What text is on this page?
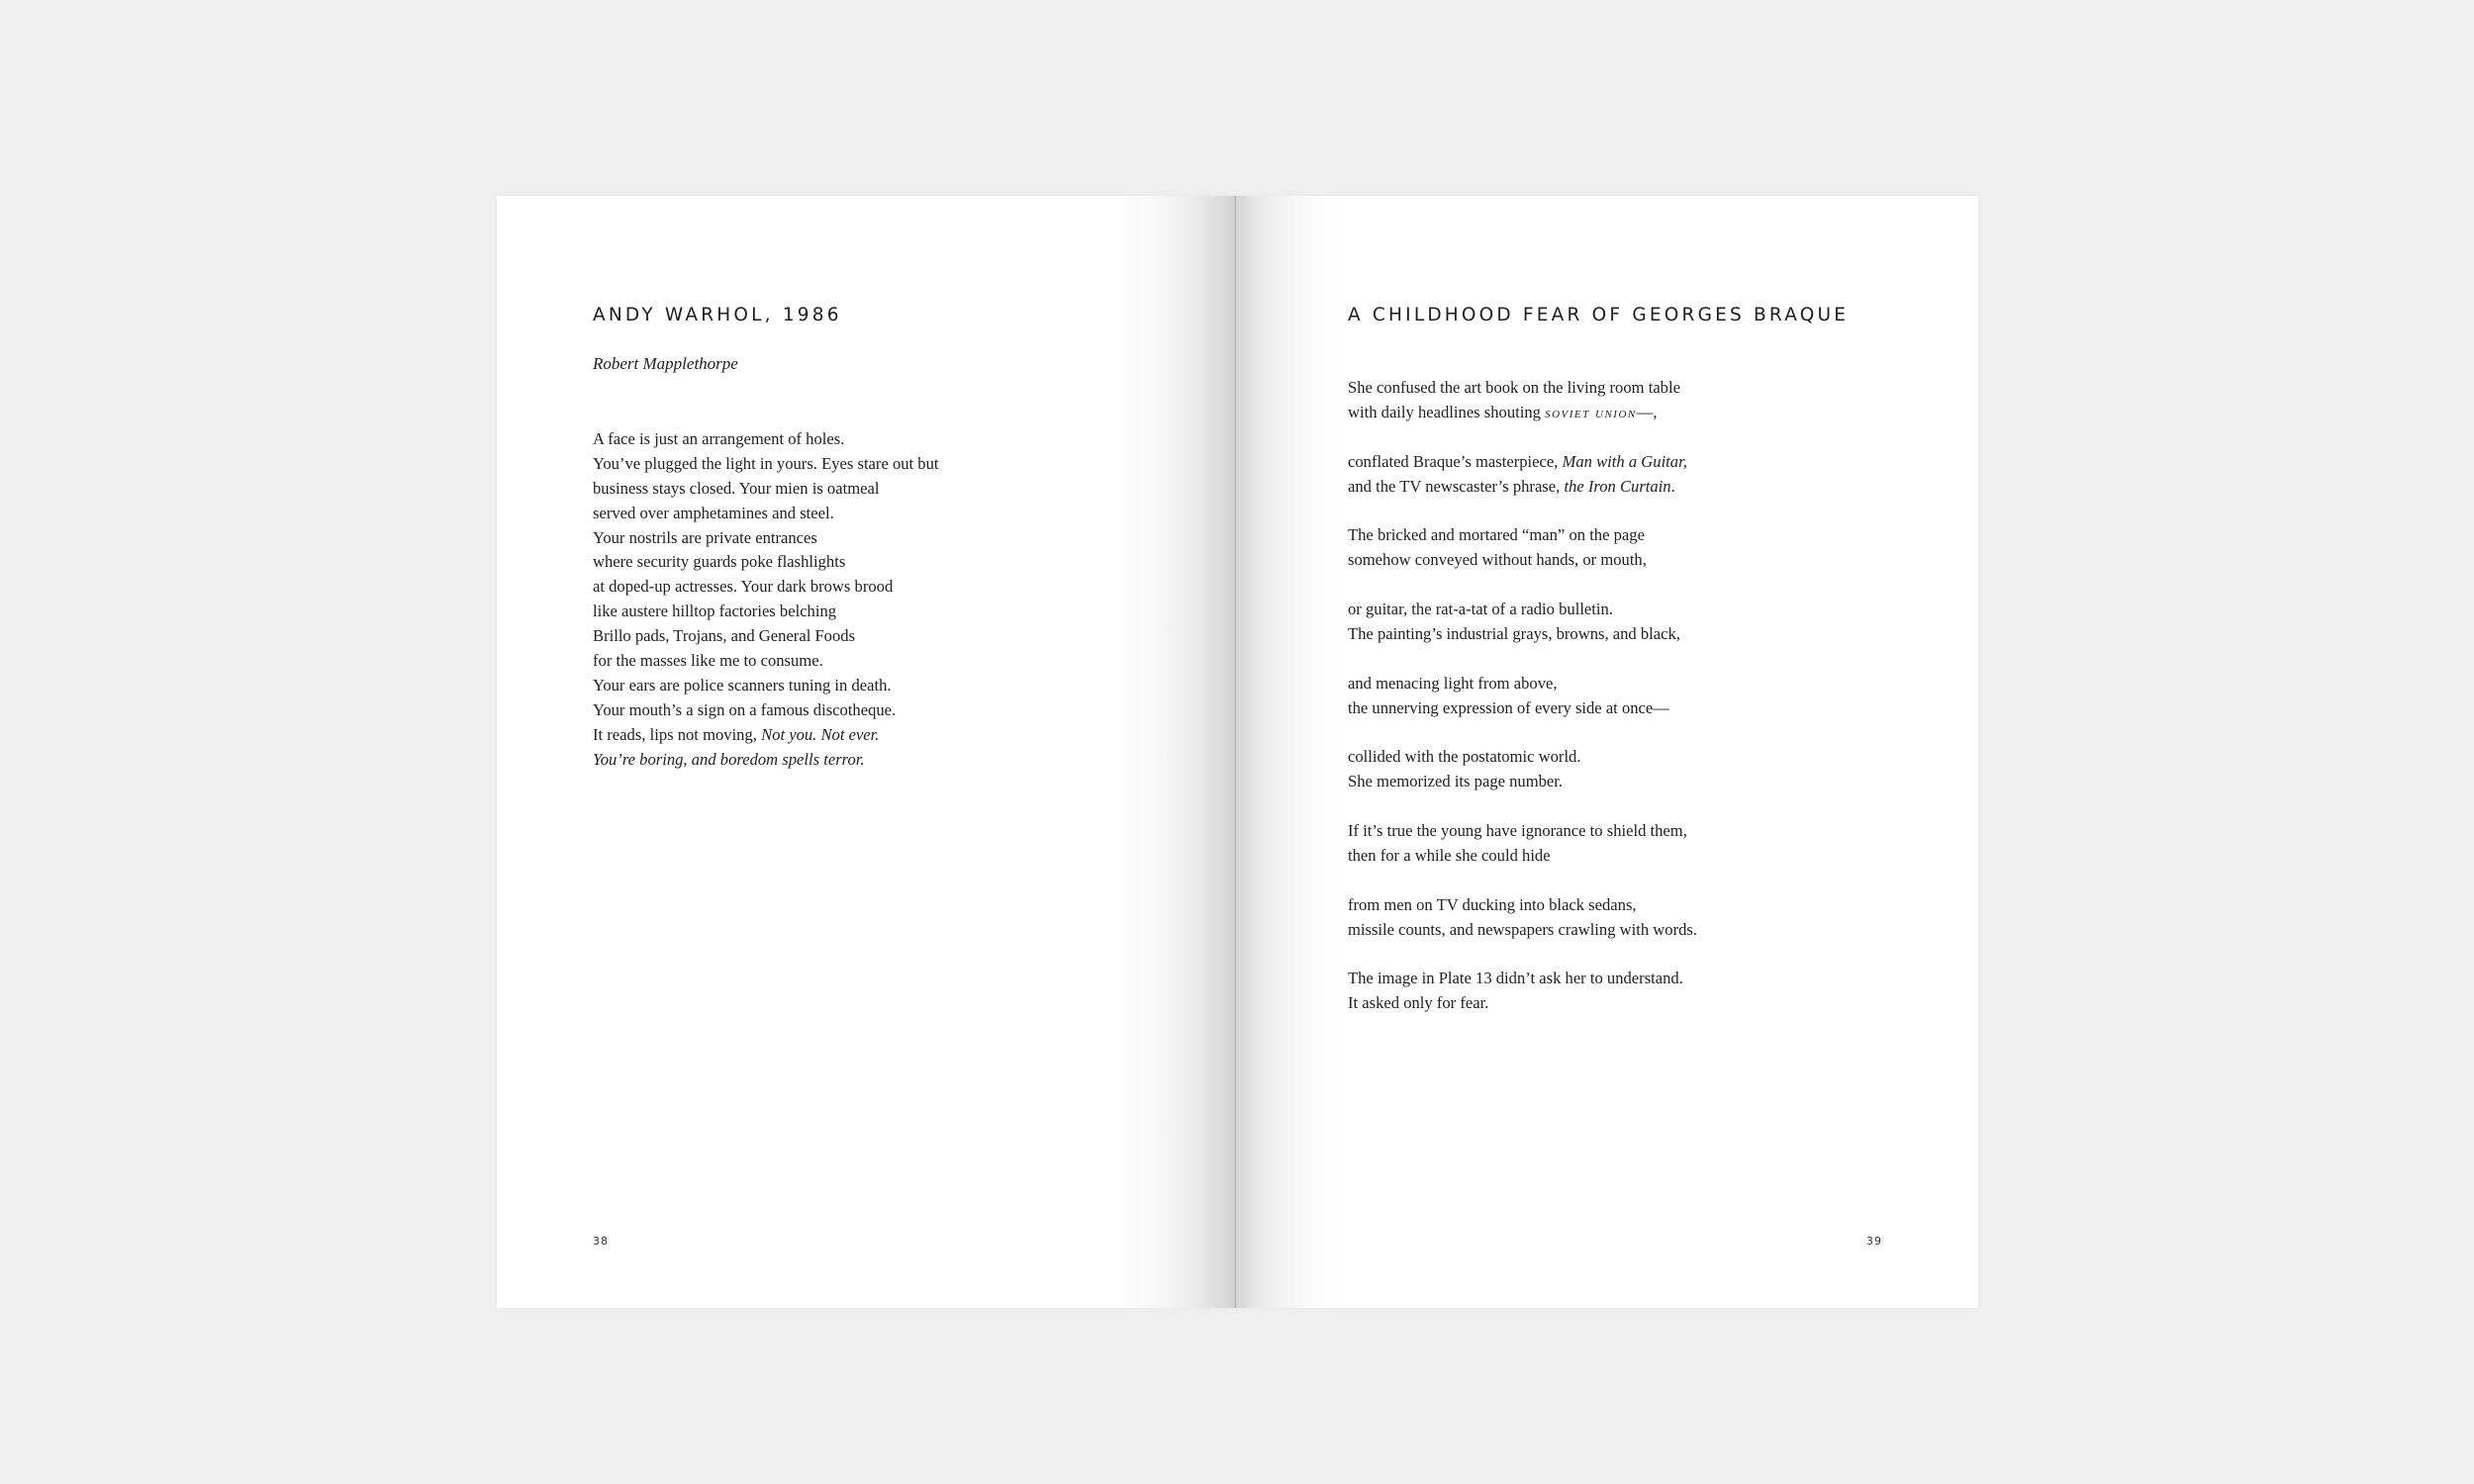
ANDY WARHOL, 1986

Robert Mapplethorpe

A face is just an arrangement of holes.
You’ve plugged the light in yours. Eyes stare out but
business stays closed. Your mien is oatmeal
served over amphetamines and steel.
Your nostrils are private entrances
where security guards poke flashlights
at doped-up actresses. Your dark brows brood
like austere hilltop factories belching
Brillo pads, Trojans, and General Foods
for the masses like me to consume.
Your ears are police scanners tuning in death.
Your mouth’s a sign on a famous discotheque.
It reads, lips not moving, Not you. Not ever.
You’re boring, and boredom spells terror.
38
A CHILDHOOD FEAR OF GEORGES BRAQUE
She confused the art book on the living room table
with daily headlines shouting soviet union—,
conflated Braque’s masterpiece, Man with a Guitar,
and the TV newscaster’s phrase, the Iron Curtain.
The bricked and mortared “man” on the page
somehow conveyed without hands, or mouth,
or guitar, the rat-a-tat of a radio bulletin.
The painting’s industrial grays, browns, and black,
and menacing light from above,
the unnerving expression of every side at once—
collided with the postatomic world.
She memorized its page number.
If it’s true the young have ignorance to shield them,
then for a while she could hide
from men on TV ducking into black sedans,
missile counts, and newspapers crawling with words.
The image in Plate 13 didn’t ask her to understand.
It asked only for fear.
39
